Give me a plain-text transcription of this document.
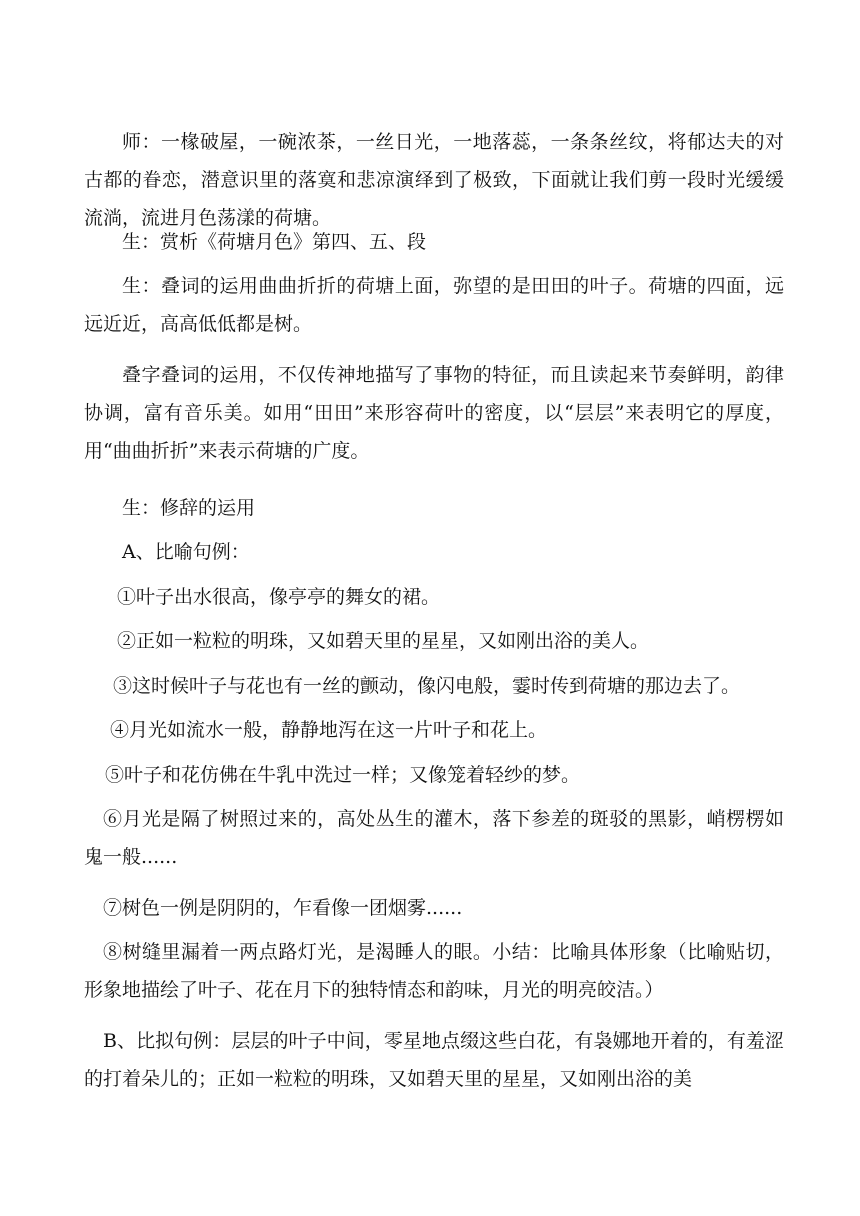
师：一椽破屋，一碗浓茶，一丝日光，一地落蕊，一条条丝纹，将郁达夫的对古都的眷恋，潜意识里的落寞和悲凉演绎到了极致，下面就让我们剪一段时光缓缓流淌，流进月色荡漾的荷塘。

生：赏析《荷塘月色》第四、五、段

生：叠词的运用曲曲折折的荷塘上面，弥望的是田田的叶子。荷塘的四面，远远近近，高高低低都是树。

叠字叠词的运用，不仅传神地描写了事物的特征，而且读起来节奏鲜明，韵律协调，富有音乐美。如用“田田”来形容荷叶的密度，以“层层”来表明它的厚度，用“曲曲折折”来表示荷塘的广度。

生：修辞的运用

A、比喻句例：

①叶子出水很高，像亭亭的舞女的裙。

②正如一粒粒的明珠，又如碧天里的星星，又如刚出浴的美人。

③这时候叶子与花也有一丝的颤动，像闪电般，霎时传到荷塘的那边去了。

④月光如流水一般，静静地泻在这一片叶子和花上。

⑤叶子和花仿佛在牛乳中洗过一样；又像笼着轻纱的梦。

⑥月光是隔了树照过来的，高处丛生的灌木，落下参差的斑驳的黑影，峭楞楞如鬼一般......

⑦树色一例是阴阴的，乍看像一团烟雾......

⑧树缝里漏着一两点路灯光，是渴睡人的眼。小结：比喻具体形象（比喻贴切，形象地描绘了叶子、花在月下的独特情态和韵味，月光的明亮皎洁。）

B、比拟句例：层层的叶子中间，零星地点缀这些白花，有袅娜地开着的，有羞涩的打着朵儿的；正如一粒粒的明珠，又如碧天里的星星，又如刚出浴的美
